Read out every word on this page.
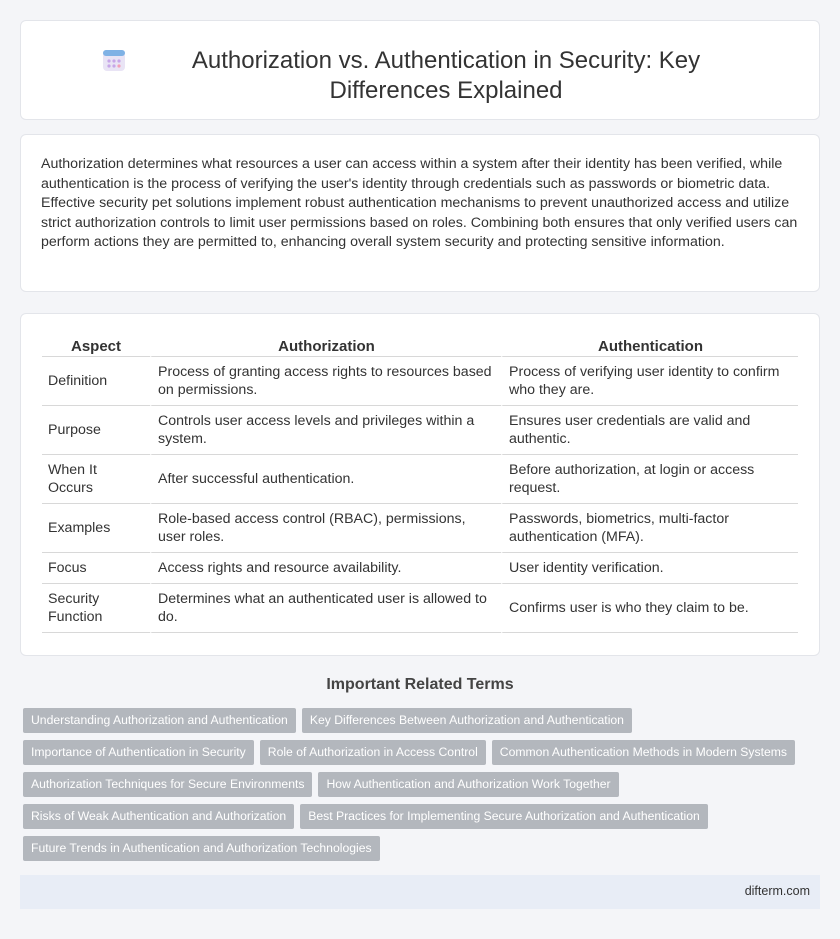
Authorization vs. Authentication in Security: Key Differences Explained

Authorization determines what resources a user can access within a system after their identity has been verified, while authentication is the process of verifying the user's identity through credentials such as passwords or biometric data. Effective security pet solutions implement robust authentication mechanisms to prevent unauthorized access and utilize strict authorization controls to limit user permissions based on roles. Combining both ensures that only verified users can perform actions they are permitted to, enhancing overall system security and protecting sensitive information.

Aspect	Authorization	Authentication
Definition	Process of granting access rights to resources based on permissions.	Process of verifying user identity to confirm who they are.
Purpose	Controls user access levels and privileges within a system.	Ensures user credentials are valid and authentic.
When It Occurs	After successful authentication.	Before authorization, at login or access request.
Examples	Role-based access control (RBAC), permissions, user roles.	Passwords, biometrics, multi-factor authentication (MFA).
Focus	Access rights and resource availability.	User identity verification.
Security Function	Determines what an authenticated user is allowed to do.	Confirms user is who they claim to be.
Important Related Terms
Understanding Authorization and Authentication Key Differences Between Authorization and Authentication
Importance of Authentication in Security Role of Authorization in Access Control Common Authentication Methods in Modern Systems
Authorization Techniques for Secure Environments How Authentication and Authorization Work Together
Risks of Weak Authentication and Authorization Best Practices for Implementing Secure Authorization and Authentication
Future Trends in Authentication and Authorization Technologies
difterm.com
